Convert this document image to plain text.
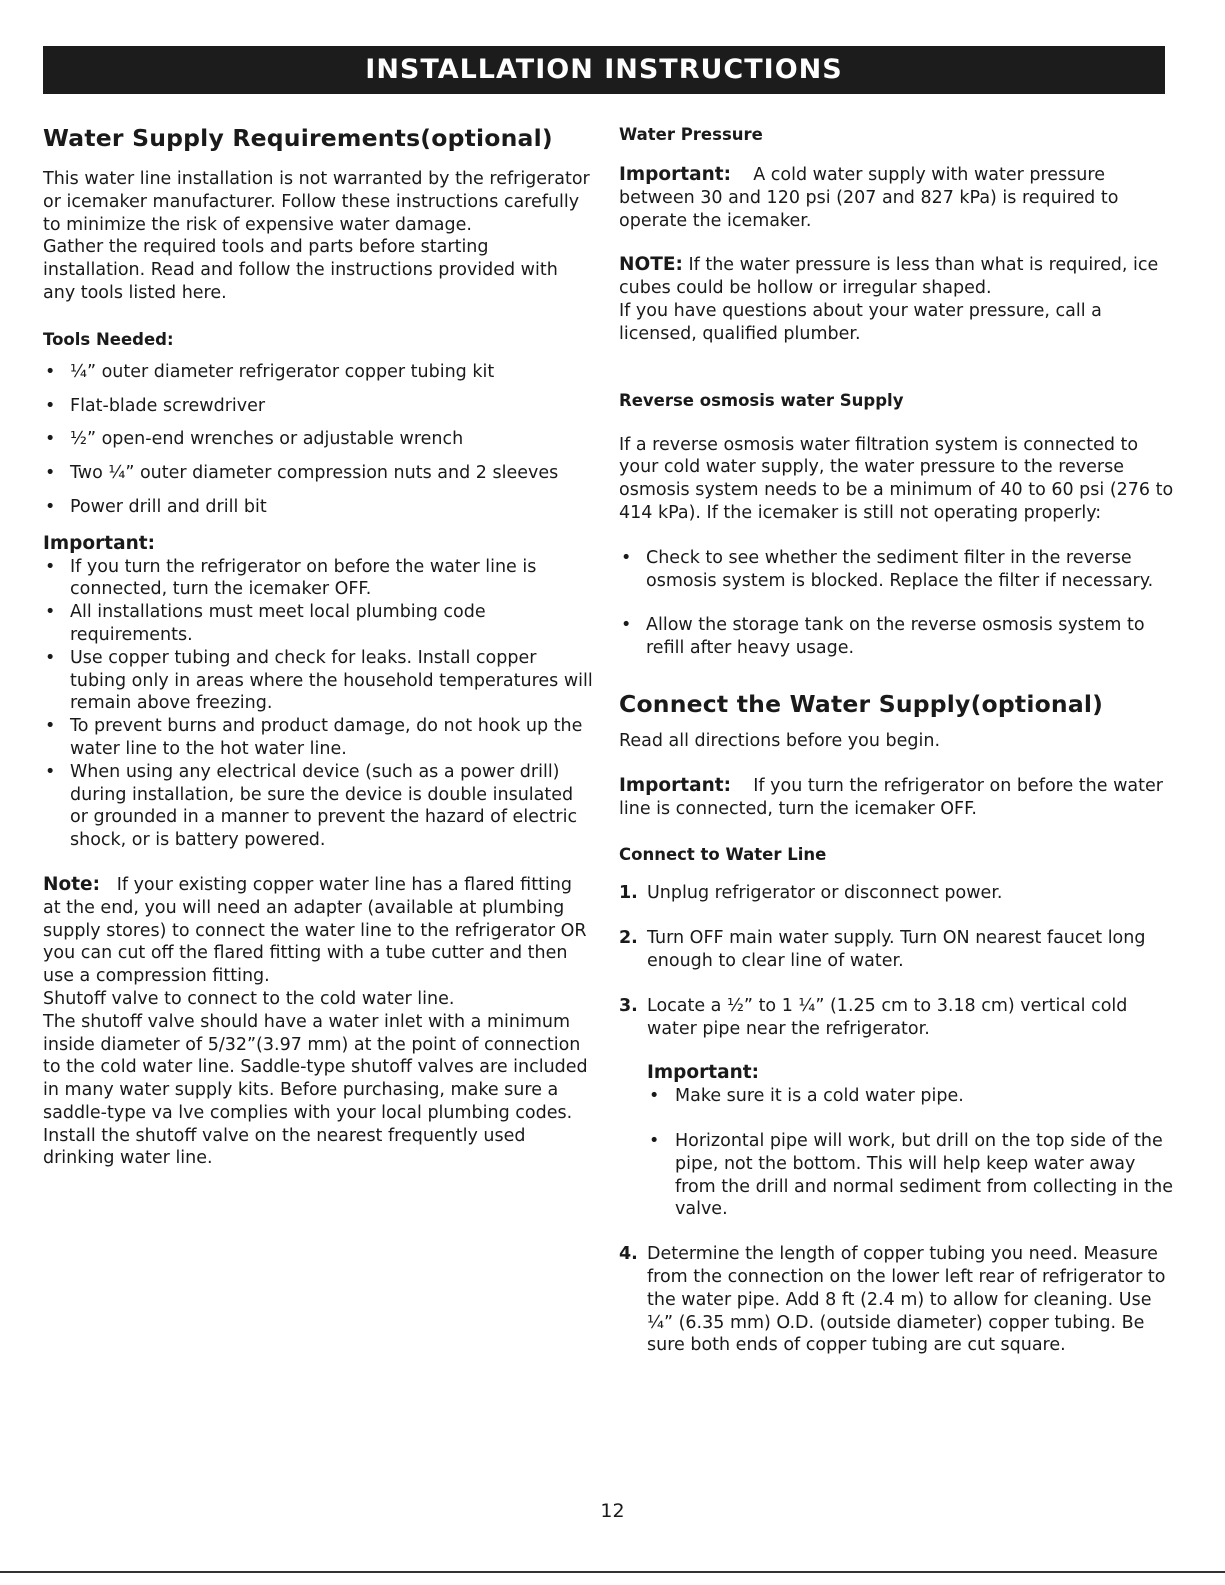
INSTALLATION INSTRUCTIONS
Water Supply Requirements(optional)

This water line installation is not warranted by the refrigerator or icemaker manufacturer. Follow these instructions carefully to minimize the risk of expensive water damage.

Gather the required tools and parts before starting installation. Read and follow the instructions provided with any tools listed here.

Tools Needed:
• ¼” outer diameter refrigerator copper tubing kit
• Flat-blade screwdriver
• ½” open-end wrenches or adjustable wrench
• Two ¼” outer diameter compression nuts and 2 sleeves
• Power drill and drill bit
Important:
• If you turn the refrigerator on before the water line is connected, turn the icemaker OFF.
• All installations must meet local plumbing code requirements.
• Use copper tubing and check for leaks. Install copper tubing only in areas where the household temperatures will remain above freezing.
• To prevent burns and product damage, do not hook up the water line to the hot water line.
• When using any electrical device (such as a power drill) during installation, be sure the device is double insulated or grounded in a manner to prevent the hazard of electric shock, or is battery powered.

Note: If your existing copper water line has a flared fitting at the end, you will need an adapter (available at plumbing supply stores) to connect the water line to the refrigerator OR you can cut off the flared fitting with a tube cutter and then use a compression fitting.

Shutoff valve to connect to the cold water line.

The shutoff valve should have a water inlet with a minimum inside diameter of 5/32”(3.97 mm) at the point of connection to the cold water line. Saddle-type shutoff valves are included in many water supply kits. Before purchasing, make sure a saddle-type va lve complies with your local plumbing codes.

Install the shutoff valve on the nearest frequently used drinking water line.

Water Pressure

Important: A cold water supply with water pressure between 30 and 120 psi (207 and 827 kPa) is required to operate the icemaker.

NOTE: If the water pressure is less than what is required, ice cubes could be hollow or irregular shaped.

If you have questions about your water pressure, call a licensed, qualified plumber.

Reverse osmosis water Supply

If a reverse osmosis water filtration system is connected to your cold water supply, the water pressure to the reverse osmosis system needs to be a minimum of 40 to 60 psi (276 to 414 kPa). If the icemaker is still not operating properly:

• Check to see whether the sediment filter in the reverse osmosis system is blocked. Replace the filter if necessary.
• Allow the storage tank on the reverse osmosis system to refill after heavy usage.
Connect the Water Supply(optional)

Read all directions before you begin.

Important: If you turn the refrigerator on before the water line is connected, turn the icemaker OFF.

Connect to Water Line
1. Unplug refrigerator or disconnect power.
2. Turn OFF main water supply. Turn ON nearest faucet long enough to clear line of water.
3. Locate a ½” to 1 ¼” (1.25 cm to 3.18 cm) vertical cold water pipe near the refrigerator.
Important:
• Make sure it is a cold water pipe.
• Horizontal pipe will work, but drill on the top side of the pipe, not the bottom. This will help keep water away from the drill and normal sediment from collecting in the valve.
4. Determine the length of copper tubing you need. Measure from the connection on the lower left rear of refrigerator to the water pipe. Add 8 ft (2.4 m) to allow for cleaning. Use ¼” (6.35 mm) O.D. (outside diameter) copper tubing. Be sure both ends of copper tubing are cut square.
12
